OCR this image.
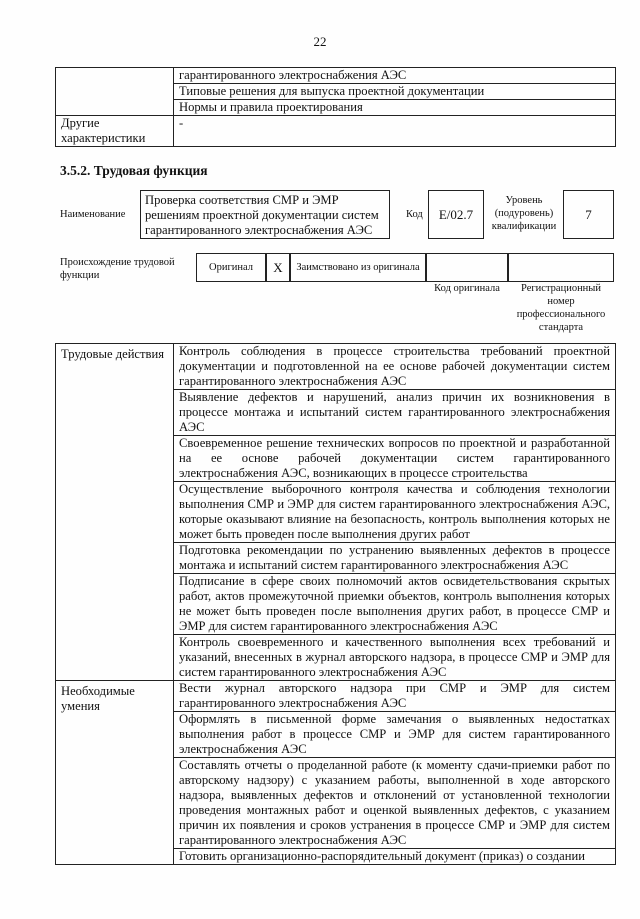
22
	гарантированного электроснабжения АЭС
	Типовые решения для выпуска проектной документации
	Нормы и правила проектирования
Другие характеристики	-
3.5.2. Трудовая функция
Наименование
Проверка соответствия СМР и ЭМР решениям проектной документации систем гарантированного электроснабжения АЭС
Код	Е/02.7
Уровень (подуровень) квалификации
7
Происхождение трудовой функции
Оригинал X Заимствовано из оригинала
Код оригинала	Регистрационный номер профессионального стандарта
Трудовые действия	Контроль соблюдения в процессе строительства требований проектной документации и подготовленной на ее основе рабочей документации систем гарантированного электроснабжения АЭС
	Выявление дефектов и нарушений, анализ причин их возникновения в процессе монтажа и испытаний систем гарантированного электроснабжения АЭС
	Своевременное решение технических вопросов по проектной и разработанной на ее основе рабочей документации систем гарантированного электроснабжения АЭС, возникающих в процессе строительства
	Осуществление выборочного контроля качества и соблюдения технологии выполнения СМР и ЭМР для систем гарантированного электроснабжения АЭС, которые оказывают влияние на безопасность, контроль выполнения которых не может быть проведен после выполнения других работ
	Подготовка рекомендации по устранению выявленных дефектов в процессе монтажа и испытаний систем гарантированного электроснабжения АЭС
	Подписание в сфере своих полномочий актов освидетельствования скрытых работ, актов промежуточной приемки объектов, контроль выполнения которых не может быть проведен после выполнения других работ, в процессе СМР и ЭМР для систем гарантированного электроснабжения АЭС
	Контроль своевременного и качественного выполнения всех требований и указаний, внесенных в журнал авторского надзора, в процессе СМР и ЭМР для систем гарантированного электроснабжения АЭС
Необходимые умения	Вести журнал авторского надзора при СМР и ЭМР для систем гарантированного электроснабжения АЭС
	Оформлять в письменной форме замечания о выявленных недостатках выполнения работ в процессе СМР и ЭМР для систем гарантированного электроснабжения АЭС
	Составлять отчеты о проделанной работе (к моменту сдачи-приемки работ по авторскому надзору) с указанием работы, выполненной в ходе авторского надзора, выявленных дефектов и отклонений от установленной технологии проведения монтажных работ и оценкой выявленных дефектов, с указанием причин их появления и сроков устранения в процессе СМР и ЭМР для систем гарантированного электроснабжения АЭС
	Готовить организационно-распорядительный документ (приказ) о создании
